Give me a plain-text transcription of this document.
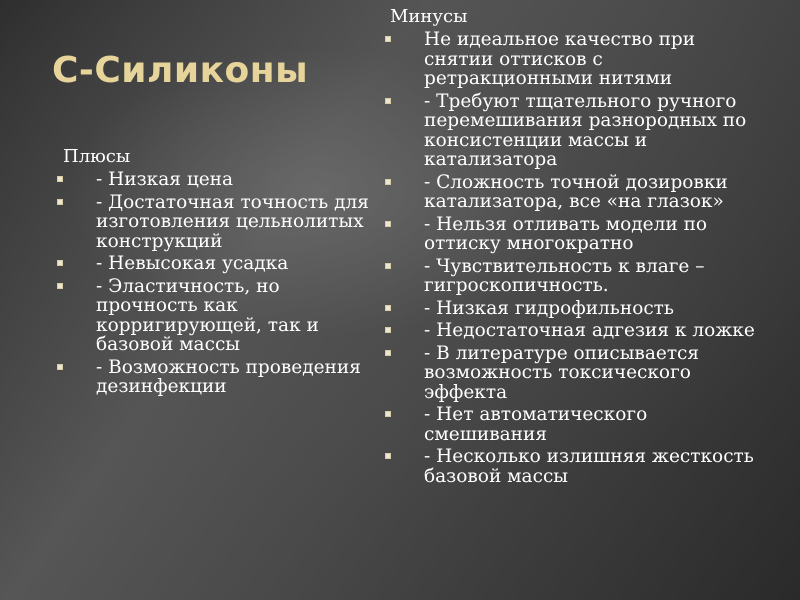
С-Силиконы

Плюсы

- Низкая цена
- Достаточная точность для изготовления цельнолитых конструкций
- Невысокая усадка
- Эластичность, но прочность как корригирующей, так и базовой массы
- Возможность проведения дезинфекции

Минусы

Не идеальное качество при снятии оттисков с ретракционными нитями
- Требуют тщательного ручного перемешивания разнородных по консистенции массы и катализатора
- Сложность точной дозировки катализатора, все «на глазок»
- Нельзя отливать модели по оттиску многократно
- Чувствительность к влаге – гигроскопичность.
- Низкая гидрофильность
- Недостаточная адгезия к ложке
- В литературе описывается возможность токсического эффекта
- Нет автоматического смешивания
- Несколько излишняя жесткость базовой массы
